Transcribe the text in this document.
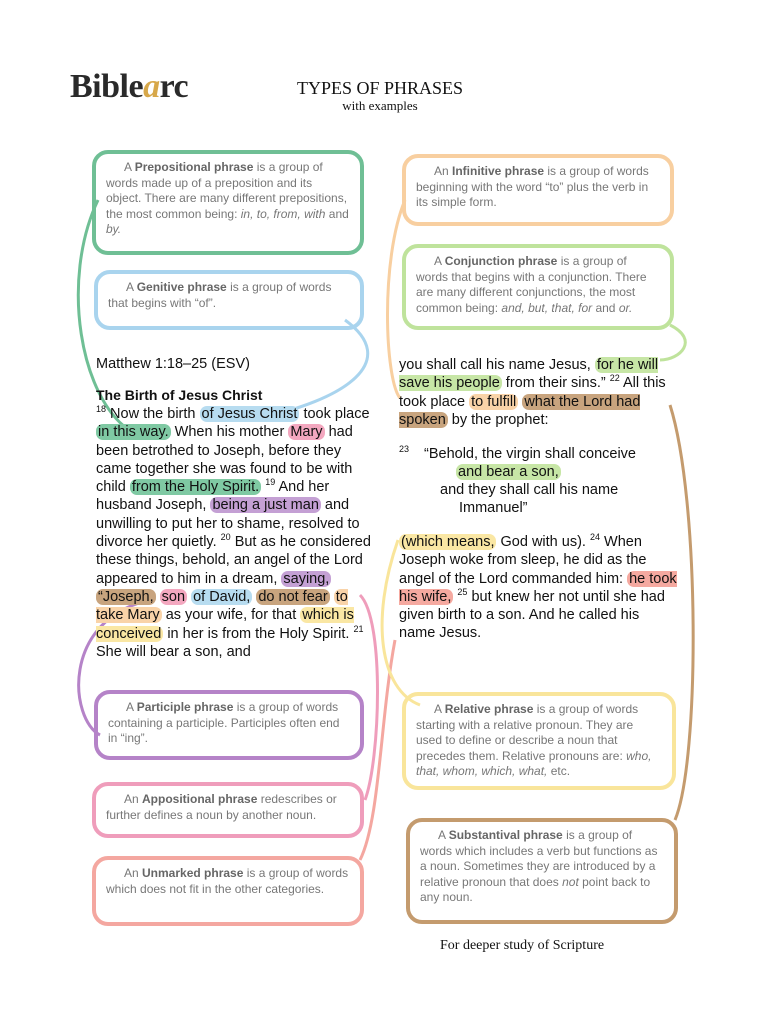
Biblearc	TYPES OF PHRASES
with examples
A Prepositional phrase is a group of words made up of a preposition and its object. There are many different prepositions, the most common being: in, to, from, with and by.
A Genitive phrase is a group of words that begins with “of”.
A Participle phrase is a group of words containing a participle. Participles often end in “ing”.
An Appositional phrase redescribes or further defines a noun by another noun.
An Unmarked phrase is a group of words which does not fit in the other categories.
An Infinitive phrase is a group of words beginning with the word “to” plus the verb in its simple form.
A Conjunction phrase is a group of words that begins with a conjunction. There are many different conjunctions, the most common being: and, but, that, for and or.
A Relative phrase is a group of words starting with a relative pronoun. They are used to define or describe a noun that precedes them. Relative pronouns are: who, that, whom, which, what, etc.
A Substantival phrase is a group of words which includes a verb but functions as a noun. Sometimes they are introduced by a relative pronoun that does not point back to any noun.
Matthew 1:18–25 (ESV)
The Birth of Jesus Christ
$^{18}$ Now the birth of Jesus Christ took place in this way. When his mother Mary had been betrothed to Joseph, before they came together she was found to be with child from the Holy Spirit. $^{19}$ And her husband Joseph, being a just man and unwilling to put her to shame, resolved to divorce her quietly. $^{20}$ But as he considered these things, behold, an angel of the Lord appeared to him in a dream, saying, “Joseph, son of David, do not fear to take Mary as your wife, for that which is conceived in her is from the Holy Spirit. $^{21}$ She will bear a son, and
you shall call his name Jesus, for he will save his people from their sins.” $^{22}$ All this took place to fulfill what the Lord had spoken by the prophet:
$^{23}$ “Behold, the virgin shall conceive
and bear a son,
and they shall call his name
Immanuel”
(which means, God with us). $^{24}$ When Joseph woke from sleep, he did as the angel of the Lord commanded him: he took his wife, $^{25}$ but knew her not until she had given birth to a son. And he called his name Jesus.
For deeper study of Scripture
